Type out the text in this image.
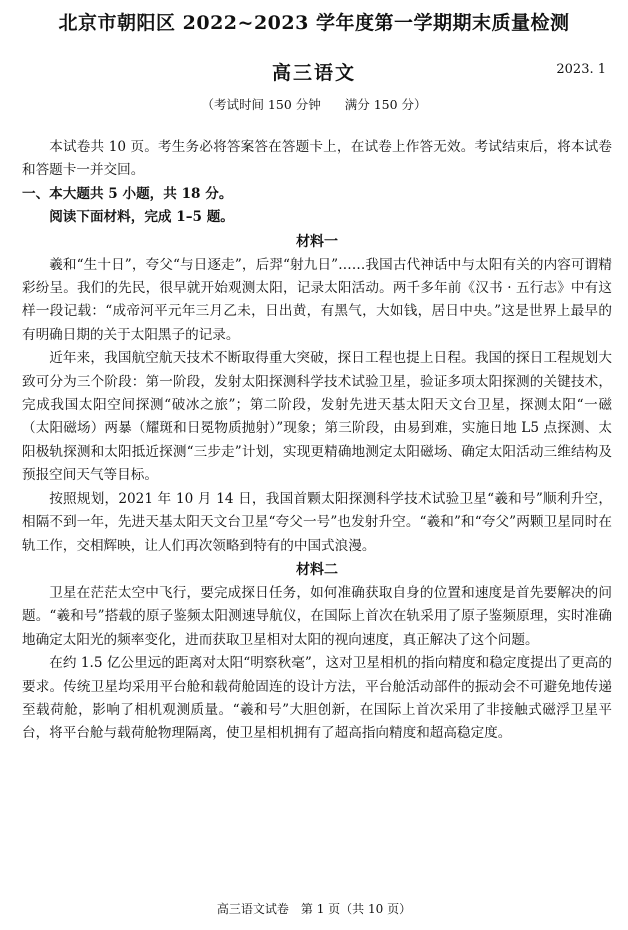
北京市朝阳区 2022~2023 学年度第一学期期末质量检测
高三语文	2023. 1
（考试时间 150 分钟 满分 150 分）

本试卷共 10 页。考生务必将答案答在答题卡上，在试卷上作答无效。考试结束后，将本试卷和答题卡一并交回。

一、本大题共 5 小题，共 18 分。

阅读下面材料，完成 1–5 题。

材料一

羲和“生十日”，夸父“与日逐走”，后羿“射九日”……我国古代神话中与太阳有关的内容可谓精彩纷呈。我们的先民，很早就开始观测太阳，记录太阳活动。两千多年前《汉书 · 五行志》中有这样一段记载：“成帝河平元年三月乙未，日出黄，有黑气，大如钱，居日中央。”这是世界上最早的有明确日期的关于太阳黑子的记录。

近年来，我国航空航天技术不断取得重大突破，探日工程也提上日程。我国的探日工程规划大致可分为三个阶段：第一阶段，发射太阳探测科学技术试验卫星，验证多项太阳探测的关键技术，完成我国太阳空间探测“破冰之旅”；第二阶段，发射先进天基太阳天文台卫星，探测太阳“一磁（太阳磁场）两暴（耀斑和日冕物质抛射）”现象；第三阶段，由易到难，实施日地 L5 点探测、太阳极轨探测和太阳抵近探测“三步走”计划，实现更精确地测定太阳磁场、确定太阳活动三维结构及预报空间天气等目标。

按照规划，2021 年 10 月 14 日，我国首颗太阳探测科学技术试验卫星“羲和号”顺利升空，相隔不到一年，先进天基太阳天文台卫星“夸父一号”也发射升空。“羲和”和“夸父”两颗卫星同时在轨工作，交相辉映，让人们再次领略到特有的中国式浪漫。

材料二

卫星在茫茫太空中飞行，要完成探日任务，如何准确获取自身的位置和速度是首先要解决的问题。“羲和号”搭载的原子鉴频太阳测速导航仪，在国际上首次在轨采用了原子鉴频原理，实时准确地确定太阳光的频率变化，进而获取卫星相对太阳的视向速度，真正解决了这个问题。

在约 1.5 亿公里远的距离对太阳“明察秋毫”，这对卫星相机的指向精度和稳定度提出了更高的要求。传统卫星均采用平台舱和载荷舱固连的设计方法，平台舱活动部件的振动会不可避免地传递至载荷舱，影响了相机观测质量。“羲和号”大胆创新，在国际上首次采用了非接触式磁浮卫星平台，将平台舱与载荷舱物理隔离，使卫星相机拥有了超高指向精度和超高稳定度。

高三语文试卷　第 1 页（共 10 页）
